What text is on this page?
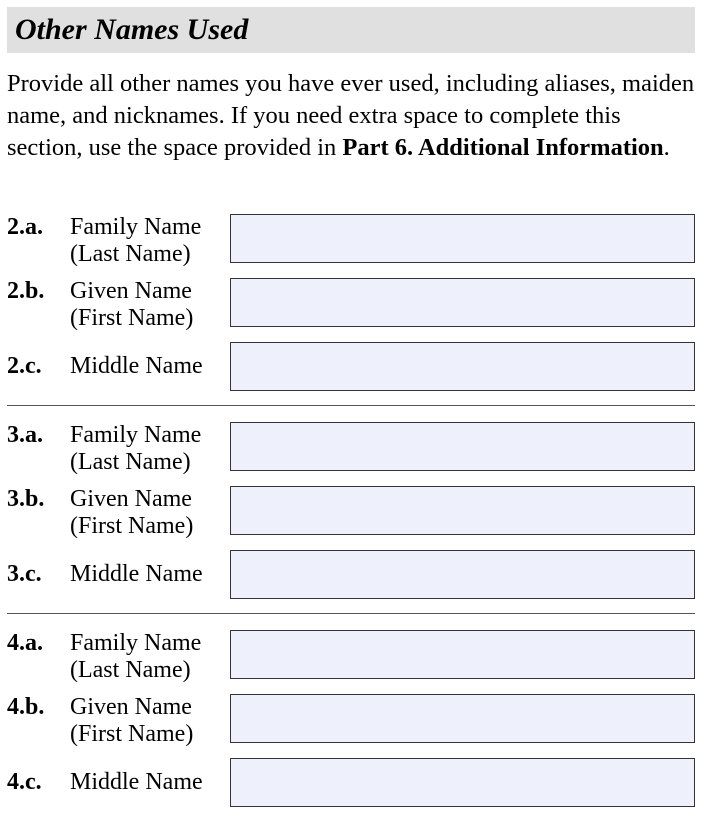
Other Names Used
Provide all other names you have ever used, including aliases, maiden name, and nicknames. If you need extra space to complete this section, use the space provided in Part 6. Additional Information.
2.a. Family Name
(Last Name)
2.b. Given Name
(First Name)
2.c. Middle Name
3.a. Family Name
(Last Name)
3.b. Given Name
(First Name)
3.c. Middle Name
4.a. Family Name
(Last Name)
4.b. Given Name
(First Name)
4.c. Middle Name
